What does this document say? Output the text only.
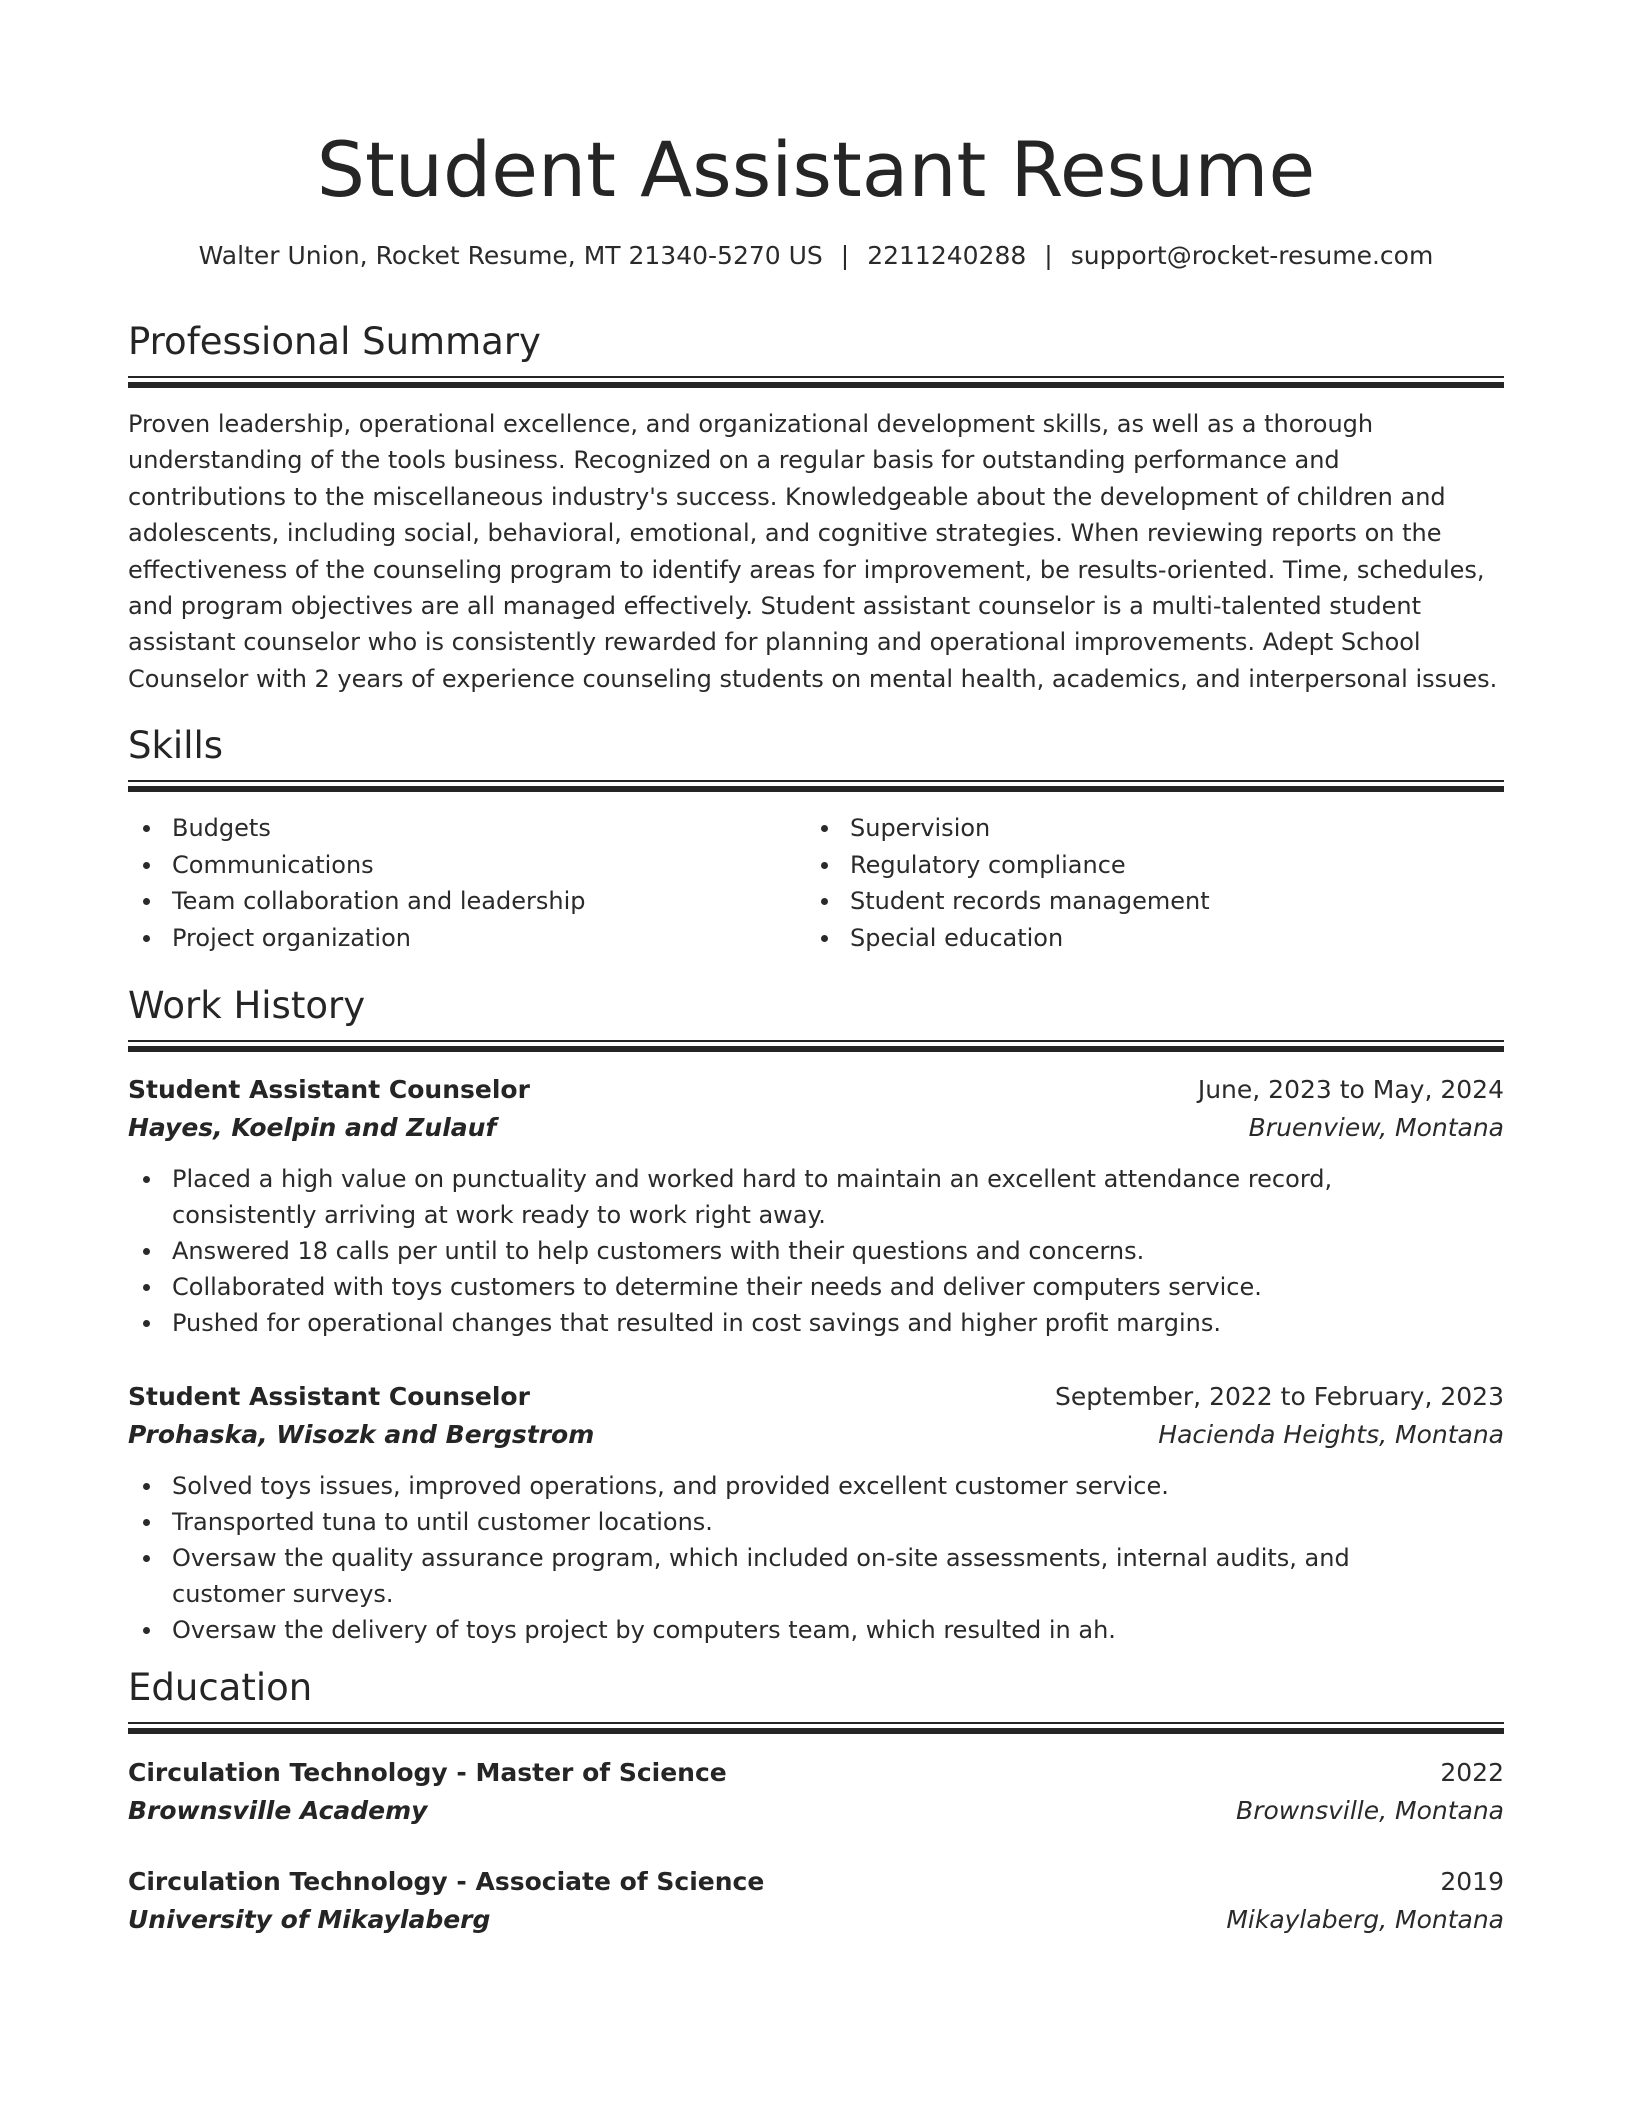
Student Assistant Resume
Walter Union, Rocket Resume, MT 21340-5270 US | 2211240288 | support@rocket-resume.com
Professional Summary

Proven leadership, operational excellence, and organizational development skills, as well as a thorough understanding of the tools business. Recognized on a regular basis for outstanding performance and contributions to the miscellaneous industry's success. Knowledgeable about the development of children and adolescents, including social, behavioral, emotional, and cognitive strategies. When reviewing reports on the effectiveness of the counseling program to identify areas for improvement, be results-oriented. Time, schedules, and program objectives are all managed effectively. Student assistant counselor is a multi-talented student assistant counselor who is consistently rewarded for planning and operational improvements. Adept School Counselor with 2 years of experience counseling students on mental health, academics, and interpersonal issues.

Skills
Budgets
Communications
Team collaboration and leadership
Project organization
Supervision
Regulatory compliance
Student records management
Special education
Work History
Student Assistant Counselor	June, 2023 to May, 2024
Hayes, Koelpin and Zulauf	Bruenview, Montana
Placed a high value on punctuality and worked hard to maintain an excellent attendance record, consistently arriving at work ready to work right away.
Answered 18 calls per until to help customers with their questions and concerns.
Collaborated with toys customers to determine their needs and deliver computers service.
Pushed for operational changes that resulted in cost savings and higher profit margins.
Student Assistant Counselor	September, 2022 to February, 2023
Prohaska, Wisozk and Bergstrom	Hacienda Heights, Montana
Solved toys issues, improved operations, and provided excellent customer service.
Transported tuna to until customer locations.
Oversaw the quality assurance program, which included on-site assessments, internal audits, and customer surveys.
Oversaw the delivery of toys project by computers team, which resulted in ah.
Education
Circulation Technology - Master of Science	2022
Brownsville Academy	Brownsville, Montana
Circulation Technology - Associate of Science	2019
University of Mikaylaberg	Mikaylaberg, Montana
